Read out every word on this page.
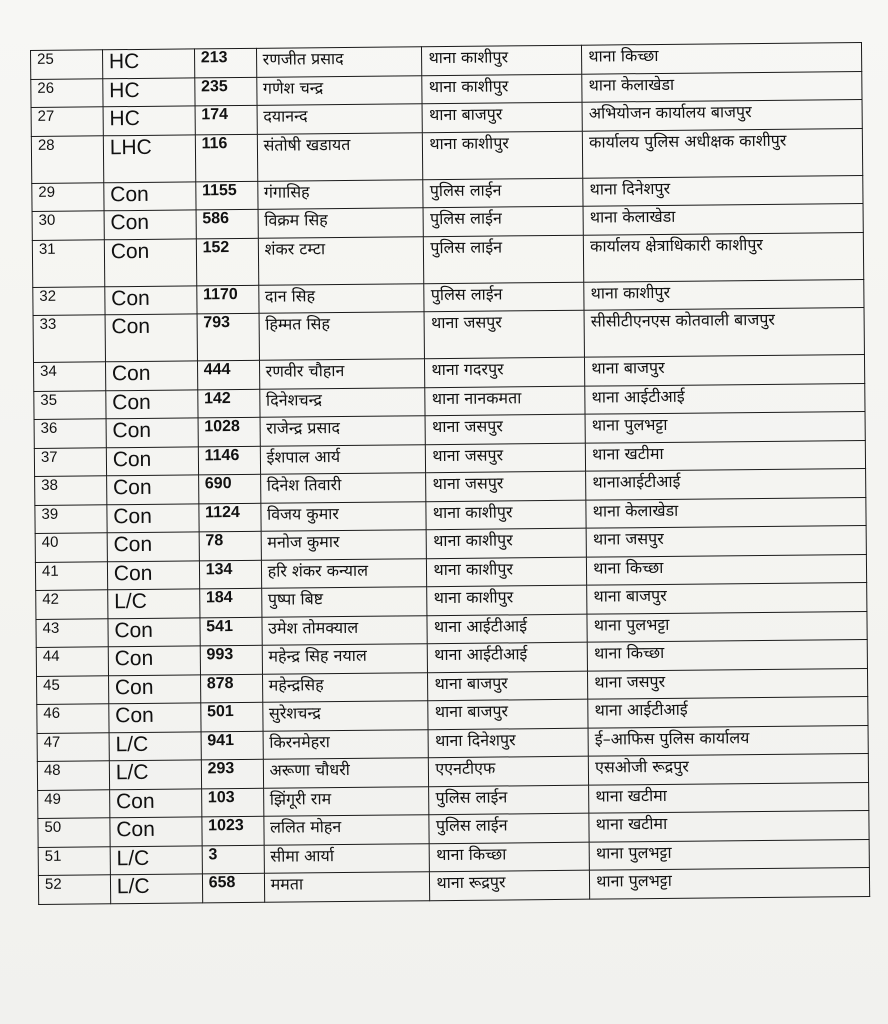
25	HC	213	रणजीत प्रसाद	थाना काशीपुर	थाना किच्छा
26	HC	235	गणेश चन्द्र	थाना काशीपुर	थाना केलाखेडा
27	HC	174	दयानन्द	थाना बाजपुर	अभियोजन कार्यालय बाजपुर
28	LHC	116	संतोषी खडायत	थाना काशीपुर	कार्यालय पुलिस अधीक्षक काशीपुर
29	Con	1155	गंगासिह	पुलिस लाईन	थाना दिनेशपुर
30	Con	586	विक्रम सिह	पुलिस लाईन	थाना केलाखेडा
31	Con	152	शंकर टम्टा	पुलिस लाईन	कार्यालय क्षेत्राधिकारी काशीपुर
32	Con	1170	दान सिह	पुलिस लाईन	थाना काशीपुर
33	Con	793	हिम्मत सिह	थाना जसपुर	सीसीटीएनएस कोतवाली बाजपुर
34	Con	444	रणवीर चौहान	थाना गदरपुर	थाना बाजपुर
35	Con	142	दिनेशचन्द्र	थाना नानकमता	थाना आईटीआई
36	Con	1028	राजेन्द्र प्रसाद	थाना जसपुर	थाना पुलभट्टा
37	Con	1146	ईशपाल आर्य	थाना जसपुर	थाना खटीमा
38	Con	690	दिनेश तिवारी	थाना जसपुर	थानाआईटीआई
39	Con	1124	विजय कुमार	थाना काशीपुर	थाना केलाखेडा
40	Con	78	मनोज कुमार	थाना काशीपुर	थाना जसपुर
41	Con	134	हरि शंकर कन्याल	थाना काशीपुर	थाना किच्छा
42	L/C	184	पुष्पा बिष्ट	थाना काशीपुर	थाना बाजपुर
43	Con	541	उमेश तोमक्याल	थाना आईटीआई	थाना पुलभट्टा
44	Con	993	महेन्द्र सिह नयाल	थाना आईटीआई	थाना किच्छा
45	Con	878	महेन्द्रसिह	थाना बाजपुर	थाना जसपुर
46	Con	501	सुरेशचन्द्र	थाना बाजपुर	थाना आईटीआई
47	L/C	941	किरनमेहरा	थाना दिनेशपुर	ई–आफिस पुलिस कार्यालय
48	L/C	293	अरूणा चौधरी	एएनटीएफ	एसओजी रूद्रपुर
49	Con	103	झिंगूरी राम	पुलिस लाईन	थाना खटीमा
50	Con	1023	ललित मोहन	पुलिस लाईन	थाना खटीमा
51	L/C	3	सीमा आर्या	थाना किच्छा	थाना पुलभट्टा
52	L/C	658	ममता	थाना रूद्रपुर	थाना पुलभट्टा
